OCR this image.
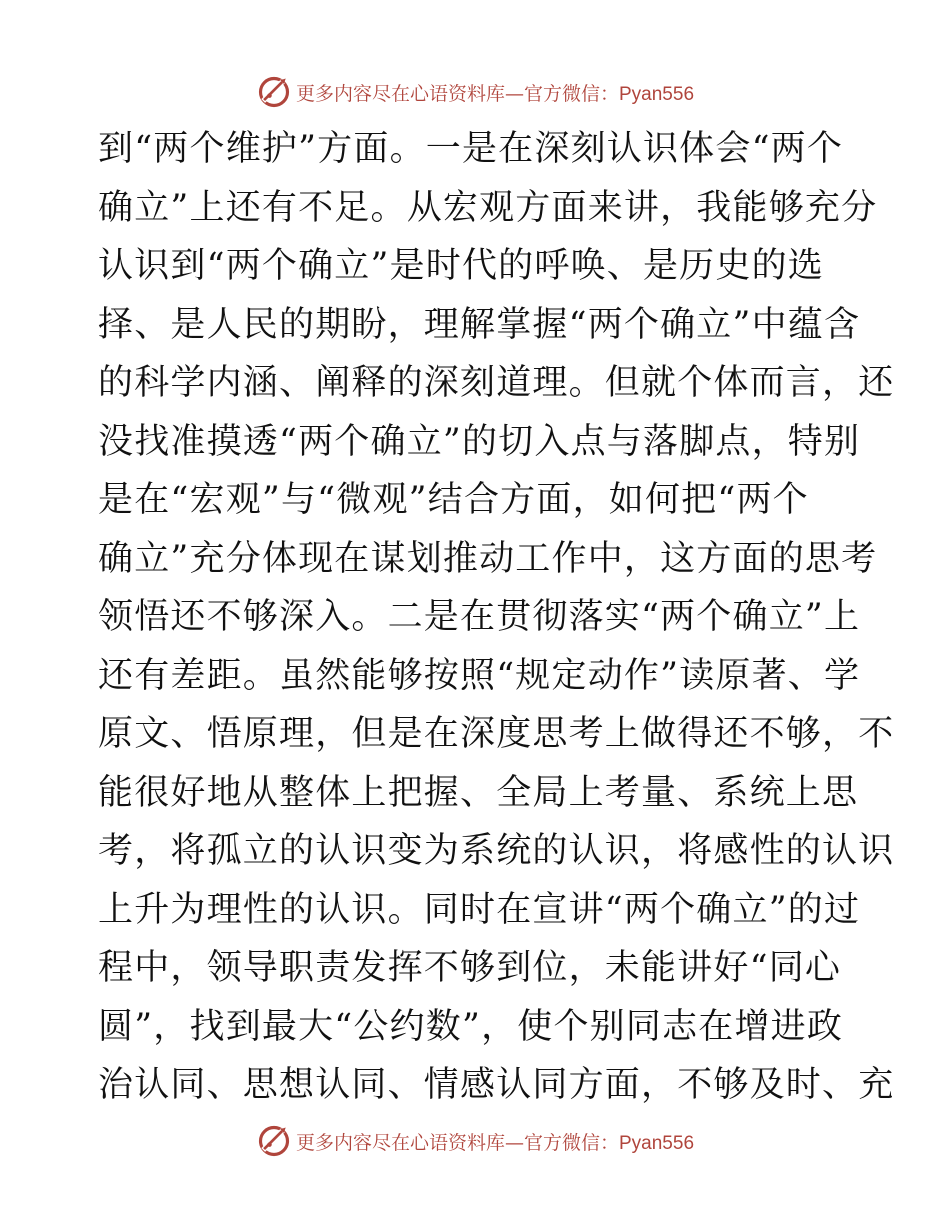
更多内容尽在心语资料库—官方微信：Pyan556
到“两个维护”方面。一是在深刻认识体会“两个
确立”上还有不足。从宏观方面来讲，我能够充分
认识到“两个确立”是时代的呼唤、是历史的选
择、是人民的期盼，理解掌握“两个确立”中蕴含
的科学内涵、阐释的深刻道理。但就个体而言，还
没找准摸透“两个确立”的切入点与落脚点，特别
是在“宏观”与“微观”结合方面，如何把“两个
确立”充分体现在谋划推动工作中，这方面的思考
领悟还不够深入。二是在贯彻落实“两个确立”上
还有差距。虽然能够按照“规定动作”读原著、学
原文、悟原理，但是在深度思考上做得还不够，不
能很好地从整体上把握、全局上考量、系统上思
考，将孤立的认识变为系统的认识，将感性的认识
上升为理性的认识。同时在宣讲“两个确立”的过
程中，领导职责发挥不够到位，未能讲好“同心
圆”，找到最大“公约数”，使个别同志在增进政
治认同、思想认同、情感认同方面，不够及时、充
更多内容尽在心语资料库—官方微信：Pyan556
